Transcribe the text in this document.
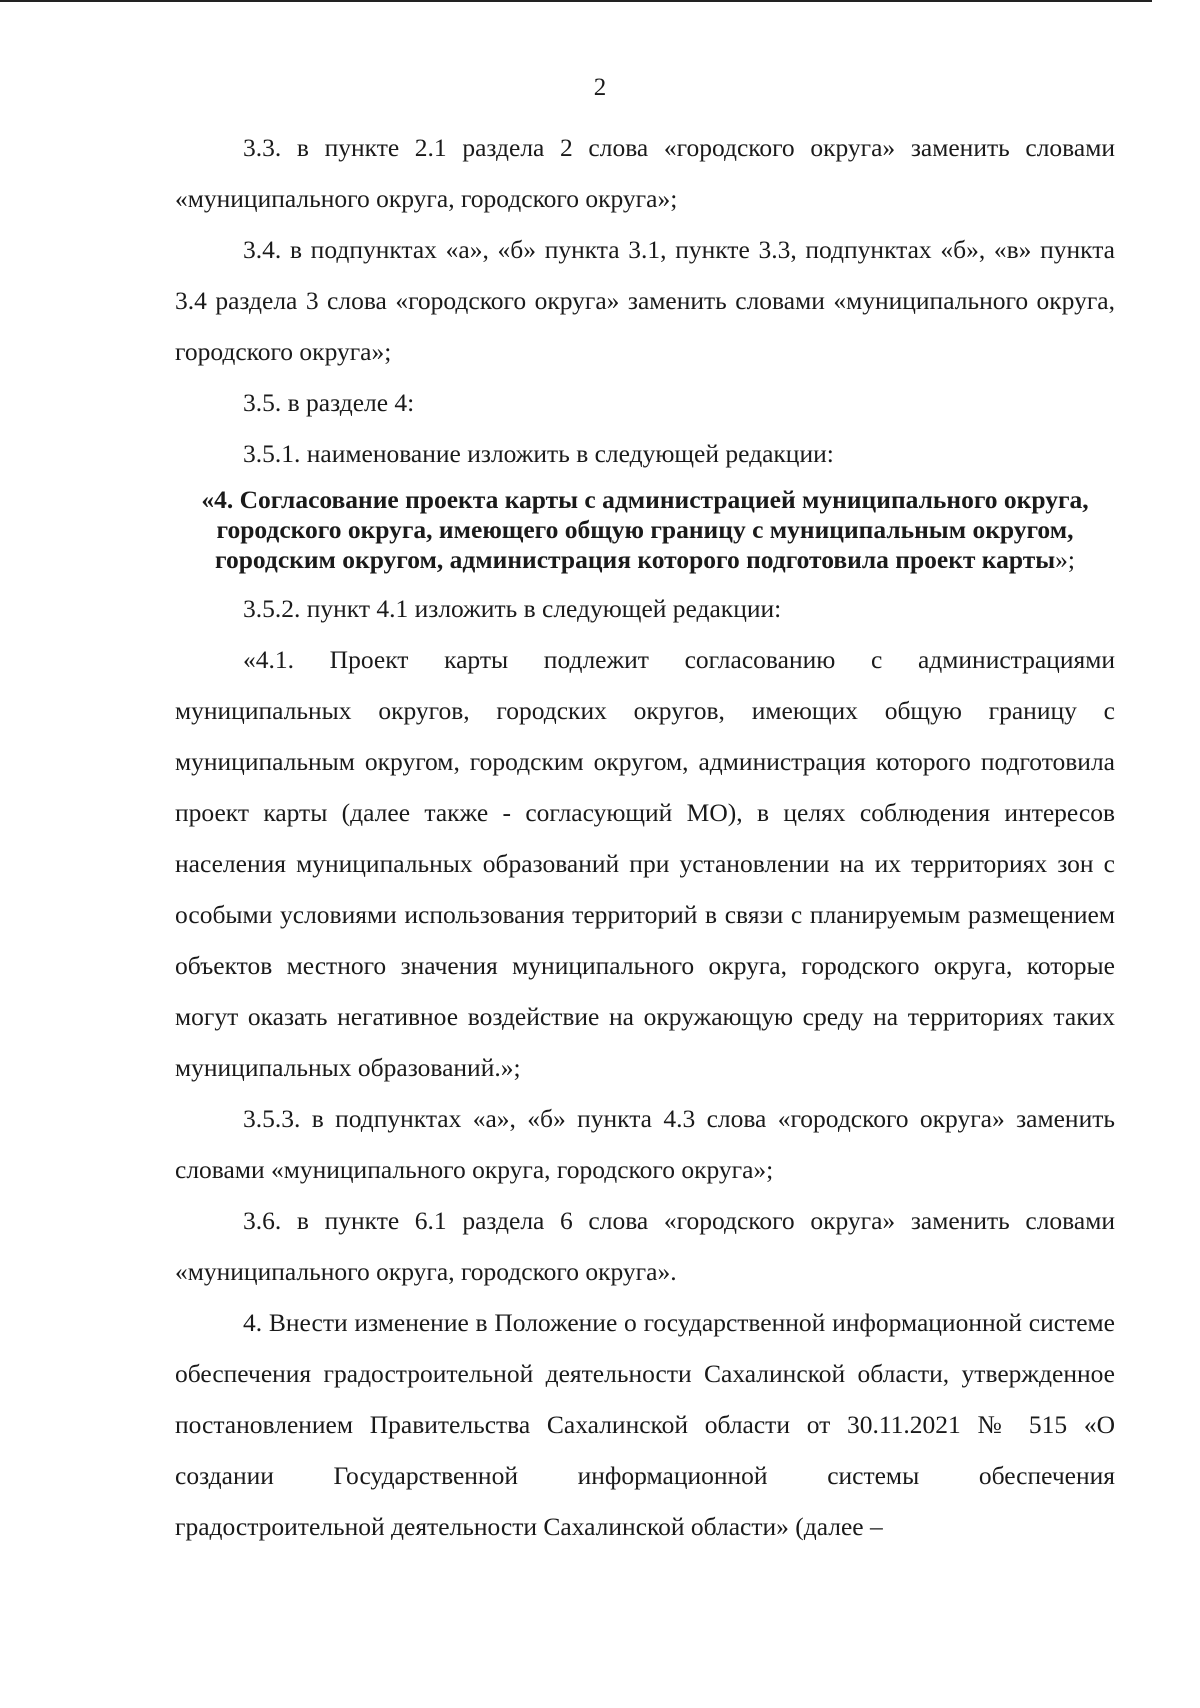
2

3.3. в пункте 2.1 раздела 2 слова «городского округа» заменить словами «муниципального округа, городского округа»;

3.4. в подпунктах «а», «б» пункта 3.1, пункте 3.3, подпунктах «б», «в» пункта 3.4 раздела 3 слова «городского округа» заменить словами «муниципального округа, городского округа»;

3.5. в разделе 4:

3.5.1. наименование изложить в следующей редакции:

«4. Согласование проекта карты с администрацией муниципального округа, городского округа, имеющего общую границу с муниципальным округом, городским округом, администрация которого подготовила проект карты»;

3.5.2. пункт 4.1 изложить в следующей редакции:

«4.1. Проект карты подлежит согласованию с администрациями муниципальных округов, городских округов, имеющих общую границу с муниципальным округом, городским округом, администрация которого подготовила проект карты (далее также - согласующий МО), в целях соблюдения интересов населения муниципальных образований при установлении на их территориях зон с особыми условиями использования территорий в связи с планируемым размещением объектов местного значения муниципального округа, городского округа, которые могут оказать негативное воздействие на окружающую среду на территориях таких муниципальных образований.»;

3.5.3. в подпунктах «а», «б» пункта 4.3 слова «городского округа» заменить словами «муниципального округа, городского округа»;

3.6. в пункте 6.1 раздела 6 слова «городского округа» заменить словами «муниципального округа, городского округа».

4. Внести изменение в Положение о государственной информационной системе обеспечения градостроительной деятельности Сахалинской области, утвержденное постановлением Правительства Сахалинской области от 30.11.2021 № 515 «О создании Государственной информационной системы обеспечения градостроительной деятельности Сахалинской области» (далее –
